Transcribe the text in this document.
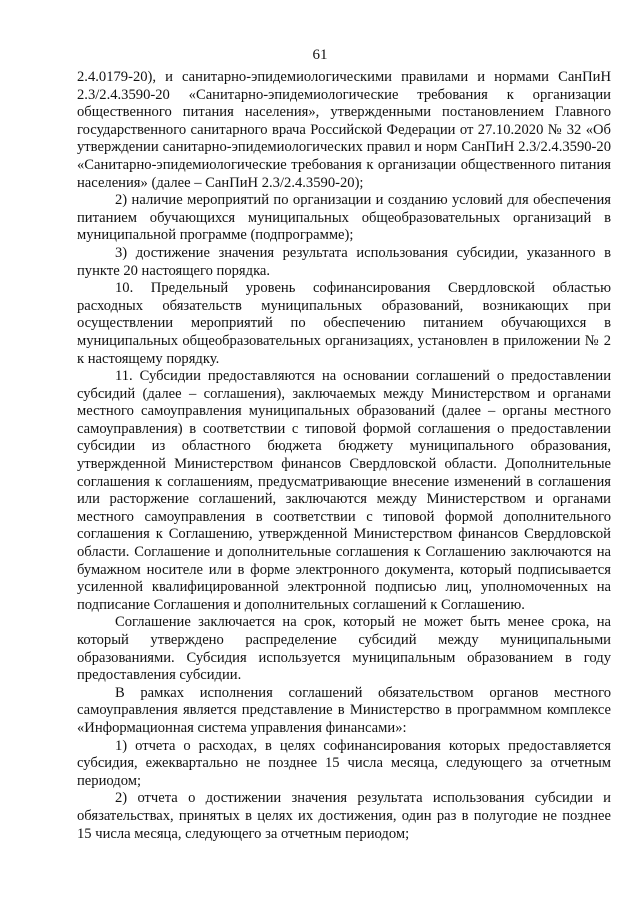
61

2.4.0179-20), и санитарно-эпидемиологическими правилами и нормами СанПиН 2.3/2.4.3590-20 «Санитарно-эпидемиологические требования к организации общественного питания населения», утвержденными постановлением Главного государственного санитарного врача Российской Федерации от 27.10.2020 № 32 «Об утверждении санитарно-эпидемиологических правил и норм СанПиН 2.3/2.4.3590-20 «Санитарно-эпидемиологические требования к организации общественного питания населения» (далее – СанПиН 2.3/2.4.3590-20);

2) наличие мероприятий по организации и созданию условий для обеспечения питанием обучающихся муниципальных общеобразовательных организаций в муниципальной программе (подпрограмме);

3) достижение значения результата использования субсидии, указанного в пункте 20 настоящего порядка.

10. Предельный уровень софинансирования Свердловской областью расходных обязательств муниципальных образований, возникающих при осуществлении мероприятий по обеспечению питанием обучающихся в муниципальных общеобразовательных организациях, установлен в приложении № 2 к настоящему порядку.

11. Субсидии предоставляются на основании соглашений о предоставлении субсидий (далее – соглашения), заключаемых между Министерством и органами местного самоуправления муниципальных образований (далее – органы местного самоуправления) в соответствии с типовой формой соглашения о предоставлении субсидии из областного бюджета бюджету муниципального образования, утвержденной Министерством финансов Свердловской области. Дополнительные соглашения к соглашениям, предусматривающие внесение изменений в соглашения или расторжение соглашений, заключаются между Министерством и органами местного самоуправления в соответствии с типовой формой дополнительного соглашения к Соглашению, утвержденной Министерством финансов Свердловской области. Соглашение и дополнительные соглашения к Соглашению заключаются на бумажном носителе или в форме электронного документа, который подписывается усиленной квалифицированной электронной подписью лиц, уполномоченных на подписание Соглашения и дополнительных соглашений к Соглашению.

Соглашение заключается на срок, который не может быть менее срока, на который утверждено распределение субсидий между муниципальными образованиями. Субсидия используется муниципальным образованием в году предоставления субсидии.

В рамках исполнения соглашений обязательством органов местного самоуправления является представление в Министерство в программном комплексе «Информационная система управления финансами»:

1) отчета о расходах, в целях софинансирования которых предоставляется субсидия, ежеквартально не позднее 15 числа месяца, следующего за отчетным периодом;

2) отчета о достижении значения результата использования субсидии и обязательствах, принятых в целях их достижения, один раз в полугодие не позднее 15 числа месяца, следующего за отчетным периодом;
